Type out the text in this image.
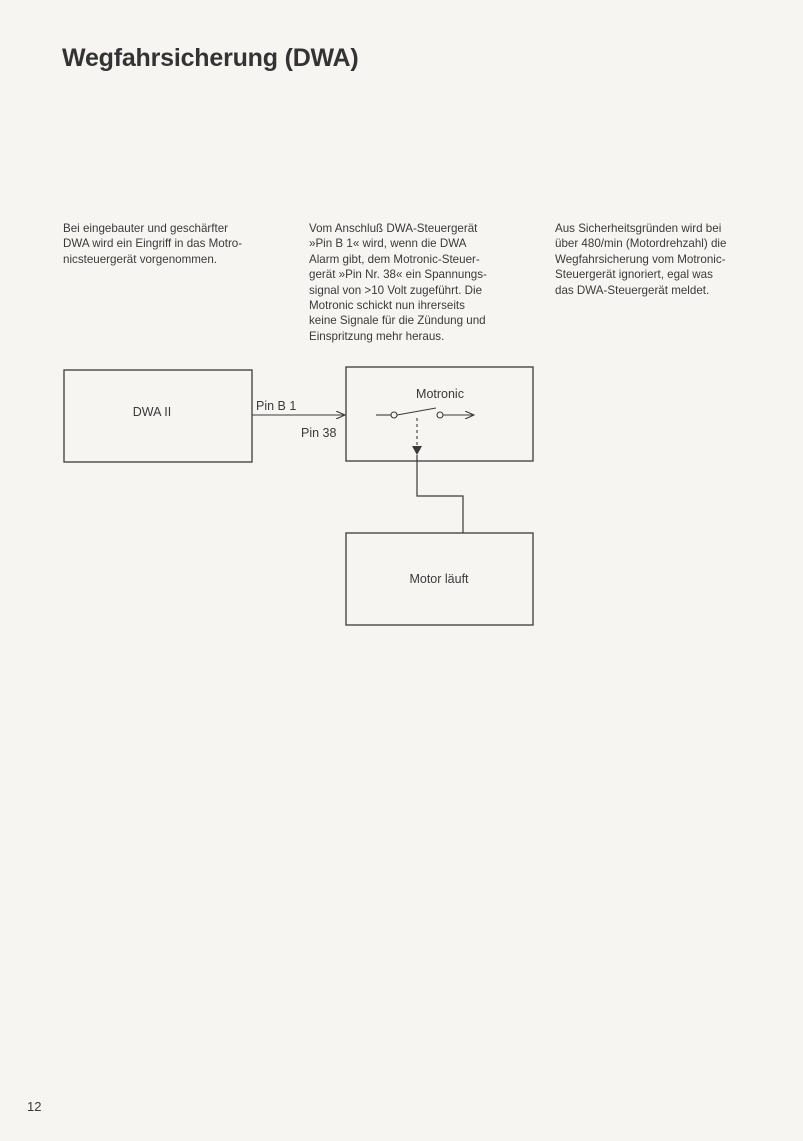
Wegfahrsicherung (DWA)

Bei eingebauter und geschärfter
DWA wird ein Eingriff in das Motro-
nicsteuergerät vorgenommen.

Vom Anschluß DWA-Steuergerät
»Pin B 1« wird, wenn die DWA
Alarm gibt, dem Motronic-Steuer-
gerät »Pin Nr. 38« ein Spannungs-
signal von >10 Volt zugeführt. Die
Motronic schickt nun ihrerseits
keine Signale für die Zündung und
Einspritzung mehr heraus.

Aus Sicherheitsgründen wird bei
über 480/min (Motordrehzahl) die
Wegfahrsicherung vom Motronic-
Steuergerät ignoriert, egal was
das DWA-Steuergerät meldet.

DWA II
Motronic
Motor läuft
Pin B 1
Pin 38

12
